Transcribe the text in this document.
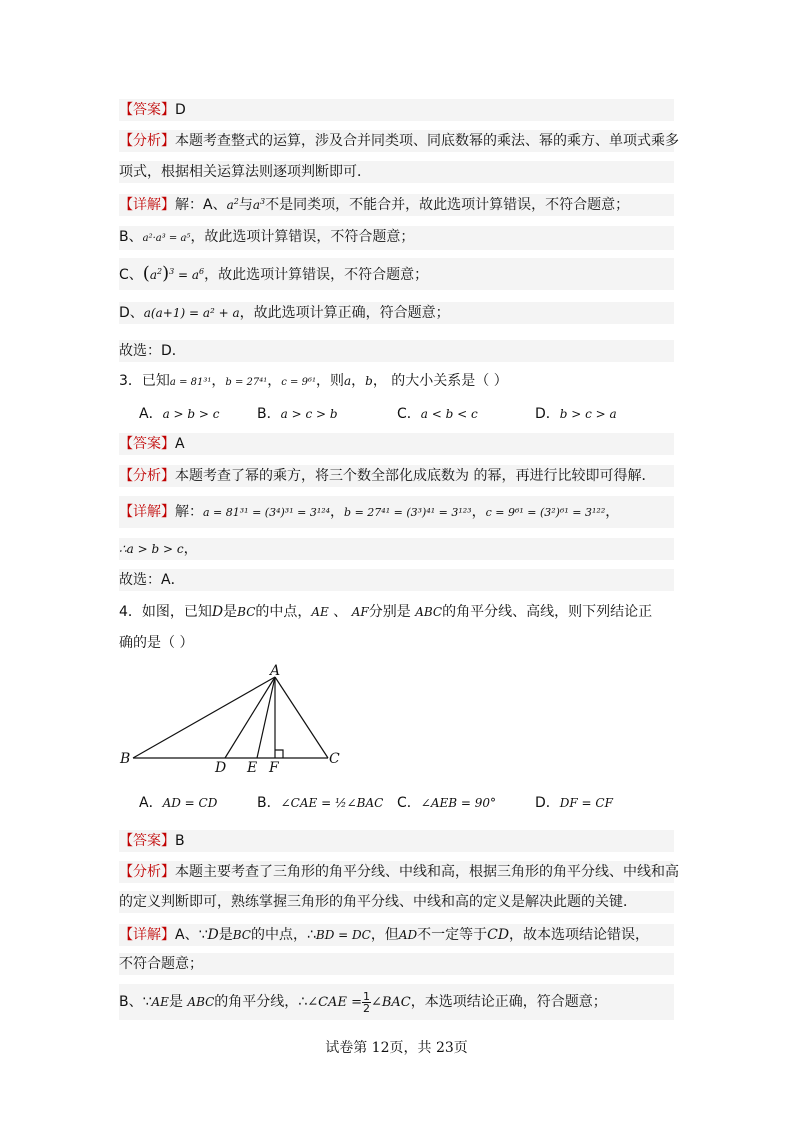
【答案】D
【分析】本题考查整式的运算，涉及合并同类项、同底数幂的乘法、幂的乘方、单项式乘多
项式，根据相关运算法则逐项判断即可．
【详解】解：A、$a^2$与$a^3$不是同类项，不能合并，故此选项计算错误，不符合题意；
B、a²·a³ = a⁵，故此选项计算错误，不符合题意；
C、$(a^2)^3 = a^6$，故此选项计算错误，不符合题意；
D、a(a+1) = a² + a，故此选项计算正确，符合题意；
故选：D．
3．已知a = 81³¹，b = 27⁴¹，c = 9⁶¹，则a，b， 的大小关系是（ ）
A．a > b > c	B．a > c > b	C．a < b < c	D．b > c > a
【答案】A
【分析】本题考查了幂的乘方，将三个数全部化成底数为 的幂，再进行比较即可得解．
【详解】解：a = 81³¹ = (3⁴)³¹ = 3¹²⁴，b = 27⁴¹ = (3³)⁴¹ = 3¹²³，c = 9⁶¹ = (3²)⁶¹ = 3¹²²，
∴a > b > c，
故选：A．
4．如图，已知D是BC的中点，AE 、 AF分别是 ABC的角平分线、高线，则下列结论正
确的是（ ）
A
B	C
D E F
A．AD = CD	B．∠CAE = ½∠BAC C．∠AEB = 90°	D．DF = CF
【答案】B
【分析】本题主要考查了三角形的角平分线、中线和高，根据三角形的角平分线、中线和高
的定义判断即可，熟练掌握三角形的角平分线、中线和高的定义是解决此题的关键．
【详解】A、∵D是BC的中点，∴BD = DC，但AD不一定等于CD，故本选项结论错误，
不符合题意；
B、∵AE是 ABC的角平分线，∴∠CAE = $\frac{1}{2}$ ∠BAC，本选项结论正确，符合题意；
试卷第 12页，共 23页
